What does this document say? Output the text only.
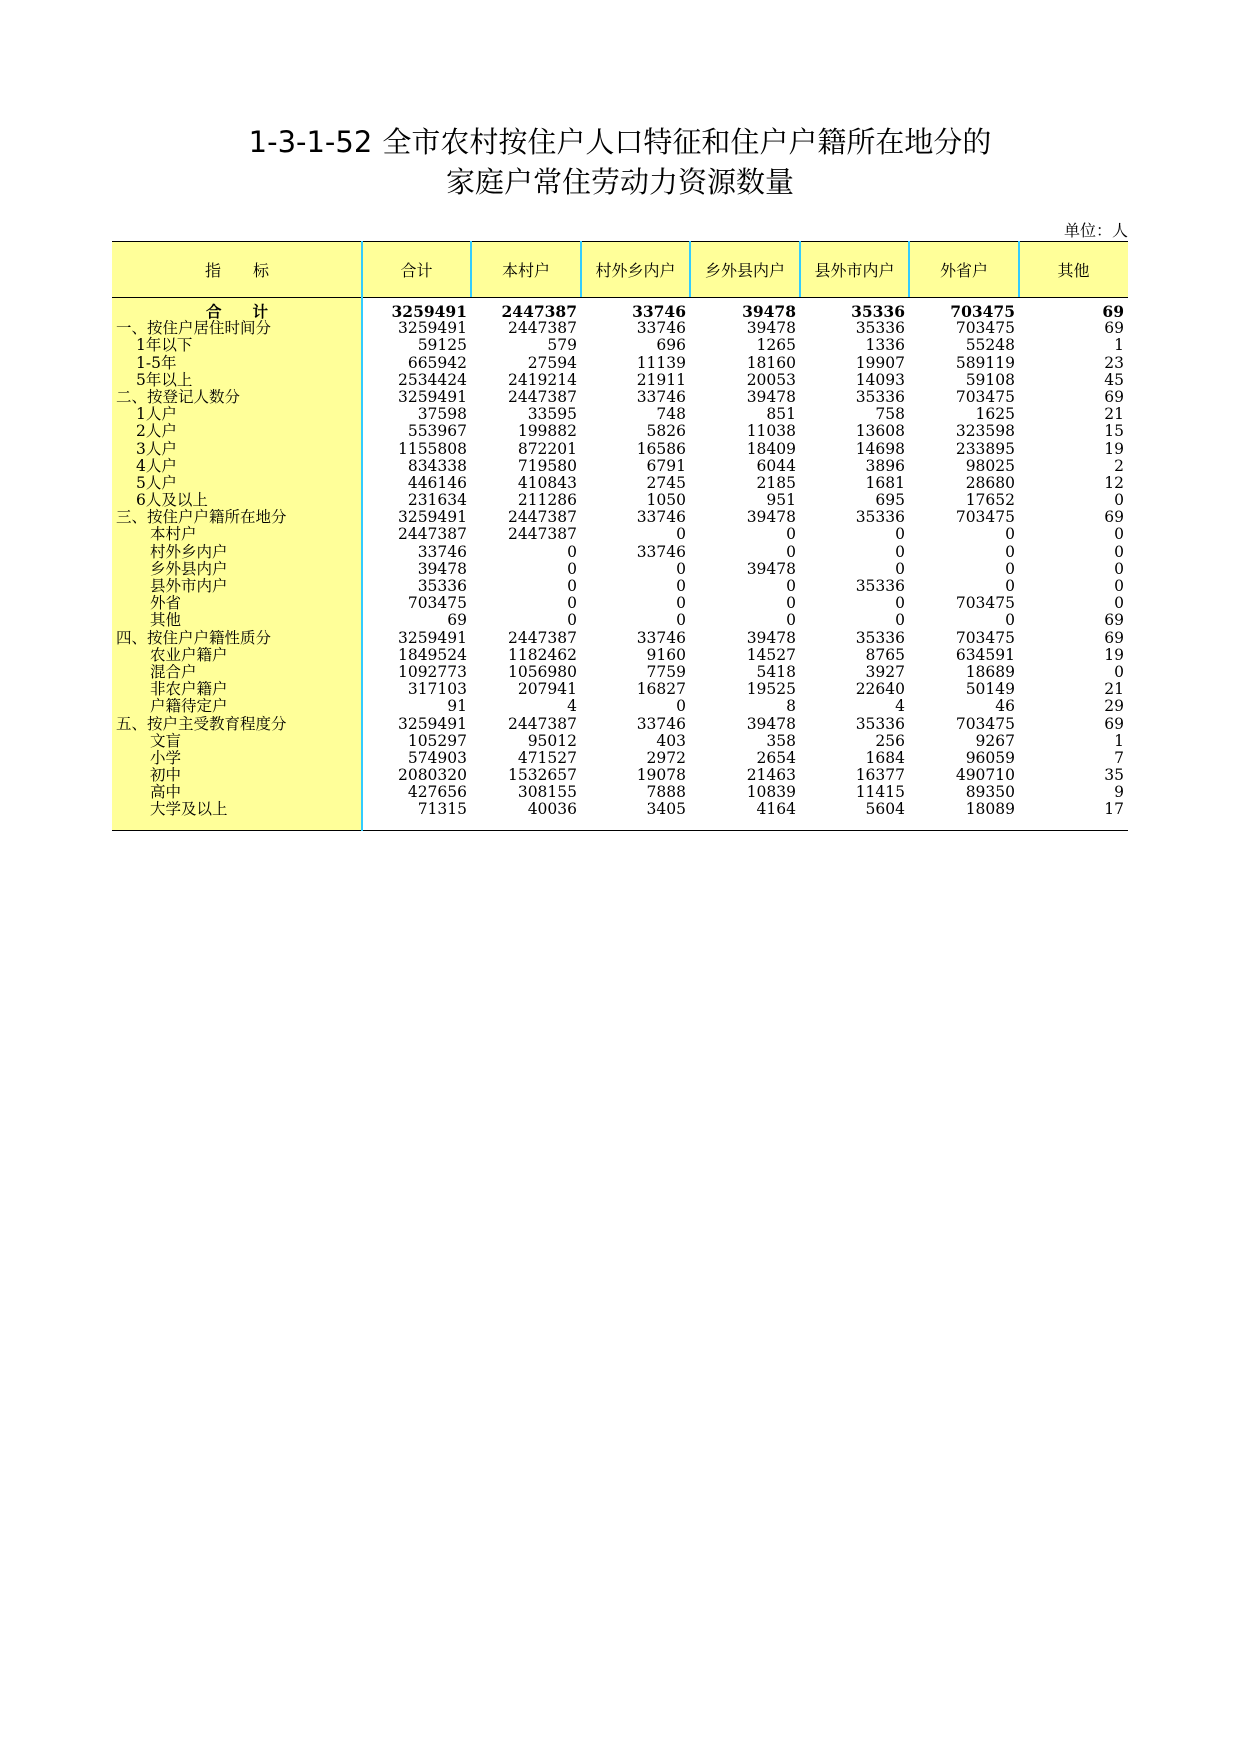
1-3-1-52 全市农村按住户人口特征和住户户籍所在地分的
家庭户常住劳动力资源数量
单位：人
指　　标	合计	本村户	村外乡内户	乡外县内户	县外市内户	外省户	其他
合　　计	3259491	2447387	33746	39478	35336	703475	69
一、按住户居住时间分	3259491	2447387	33746	39478	35336	703475	69
1年以下	59125	579	696	1265	1336	55248	1
1-5年	665942	27594	11139	18160	19907	589119	23
5年以上	2534424	2419214	21911	20053	14093	59108	45
二、按登记人数分	3259491	2447387	33746	39478	35336	703475	69
1人户	37598	33595	748	851	758	1625	21
2人户	553967	199882	5826	11038	13608	323598	15
3人户	1155808	872201	16586	18409	14698	233895	19
4人户	834338	719580	6791	6044	3896	98025	2
5人户	446146	410843	2745	2185	1681	28680	12
6人及以上	231634	211286	1050	951	695	17652	0
三、按住户户籍所在地分	3259491	2447387	33746	39478	35336	703475	69
本村户	2447387	2447387	0	0	0	0	0
村外乡内户	33746	0	33746	0	0	0	0
乡外县内户	39478	0	0	39478	0	0	0
县外市内户	35336	0	0	0	35336	0	0
外省	703475	0	0	0	0	703475	0
其他	69	0	0	0	0	0	69
四、按住户户籍性质分	3259491	2447387	33746	39478	35336	703475	69
农业户籍户	1849524	1182462	9160	14527	8765	634591	19
混合户	1092773	1056980	7759	5418	3927	18689	0
非农户籍户	317103	207941	16827	19525	22640	50149	21
户籍待定户	91	4	0	8	4	46	29
五、按户主受教育程度分	3259491	2447387	33746	39478	35336	703475	69
文盲	105297	95012	403	358	256	9267	1
小学	574903	471527	2972	2654	1684	96059	7
初中	2080320	1532657	19078	21463	16377	490710	35
高中	427656	308155	7888	10839	11415	89350	9
大学及以上	71315	40036	3405	4164	5604	18089	17
